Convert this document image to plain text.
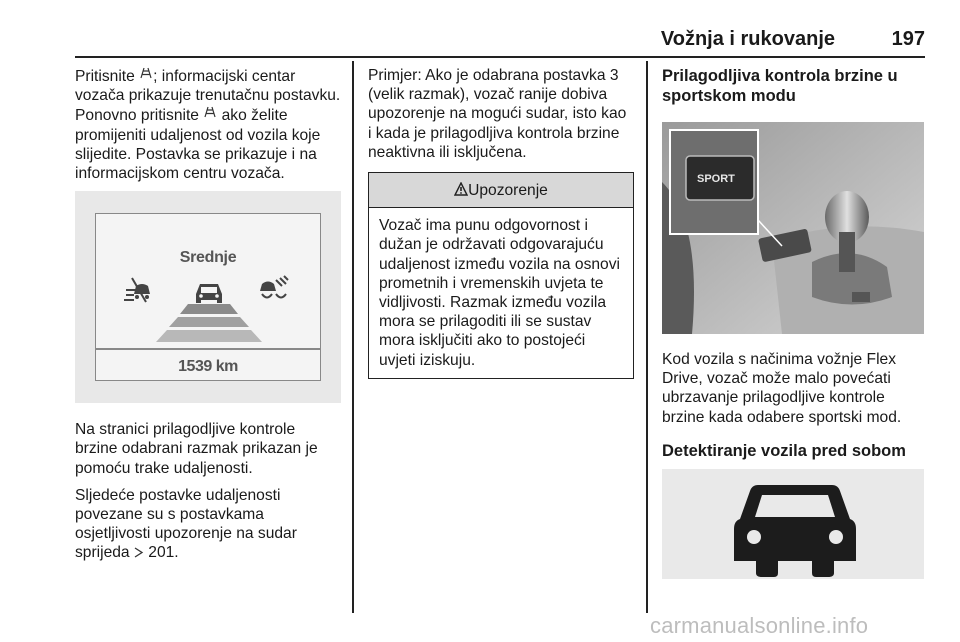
Vožnja i rukovanje	197

Pritisnite ; informacijski centar vozača prikazuje trenutačnu postavku. Ponovno pritisnite  ako želite promijeniti udaljenost od vozila koje slijedite. Postavka se prikazuje i na informacijskom centru vozača.

Srednje
1539 km

Na stranici prilagodljive kontrole brzine odabrani razmak prikazan je pomoću trake udaljenosti.

Sljedeće postavke udaljenosti povezane su s postavkama osjetljivosti upozorenje na sudar sprijeda  201.

Primjer: Ako je odabrana postavka 3 (velik razmak), vozač ranije dobiva upozorenje na mogući sudar, isto kao i kada je prilagodljiva kontrola brzine neaktivna ili isključena.

Upozorenje
Vozač ima punu odgovornost i dužan je održavati odgovarajuću udaljenost između vozila na osnovi prometnih i vremenskih uvjeta te vidljivosti. Razmak između vozila mora se prilagoditi ili se sustav mora isključiti ako to postojeći uvjeti iziskuju.
Prilagodljiva kontrola brzine u sportskom modu
SPORT

Kod vozila s načinima vožnje Flex Drive, vozač može malo povećati ubrzavanje prilagodljive kontrole brzine kada odabere sportski mod.

Detektiranje vozila pred sobom
carmanualsonline.info
